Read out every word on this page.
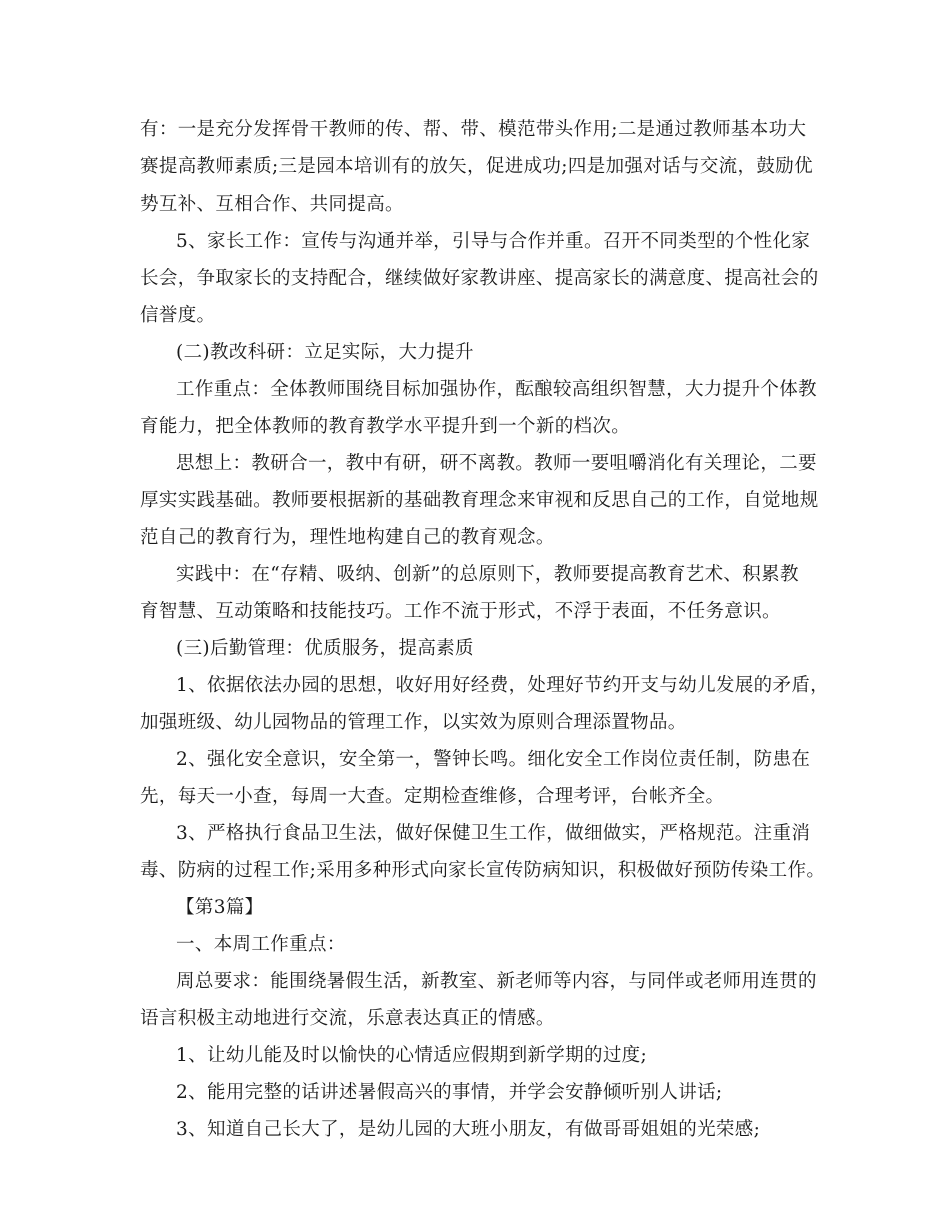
有：一是充分发挥骨干教师的传、帮、带、模范带头作用;二是通过教师基本功大
赛提高教师素质;三是园本培训有的放矢，促进成功;四是加强对话与交流，鼓励优
势互补、互相合作、共同提高。
5、家长工作：宣传与沟通并举，引导与合作并重。召开不同类型的个性化家
长会，争取家长的支持配合，继续做好家教讲座、提高家长的满意度、提高社会的
信誉度。
(二)教改科研：立足实际，大力提升
工作重点：全体教师围绕目标加强协作，酝酿较高组织智慧，大力提升个体教
育能力，把全体教师的教育教学水平提升到一个新的档次。
思想上：教研合一，教中有研，研不离教。教师一要咀嚼消化有关理论，二要
厚实实践基础。教师要根据新的基础教育理念来审视和反思自己的工作，自觉地规
范自己的教育行为，理性地构建自己的教育观念。
实践中：在“存精、吸纳、创新”的总原则下，教师要提高教育艺术、积累教
育智慧、互动策略和技能技巧。工作不流于形式，不浮于表面，不任务意识。
(三)后勤管理：优质服务，提高素质
1、依据依法办园的思想，收好用好经费，处理好节约开支与幼儿发展的矛盾，
加强班级、幼儿园物品的管理工作，以实效为原则合理添置物品。
2、强化安全意识，安全第一，警钟长鸣。细化安全工作岗位责任制，防患在
先，每天一小查，每周一大查。定期检查维修，合理考评，台帐齐全。
3、严格执行食品卫生法，做好保健卫生工作，做细做实，严格规范。注重消
毒、防病的过程工作;采用多种形式向家长宣传防病知识，积极做好预防传染工作。
【第3篇】
一、本周工作重点：
周总要求：能围绕暑假生活，新教室、新老师等内容，与同伴或老师用连贯的
语言积极主动地进行交流，乐意表达真正的情感。
1、让幼儿能及时以愉快的心情适应假期到新学期的过度;
2、能用完整的话讲述暑假高兴的事情，并学会安静倾听别人讲话;
3、知道自己长大了，是幼儿园的大班小朋友，有做哥哥姐姐的光荣感;
